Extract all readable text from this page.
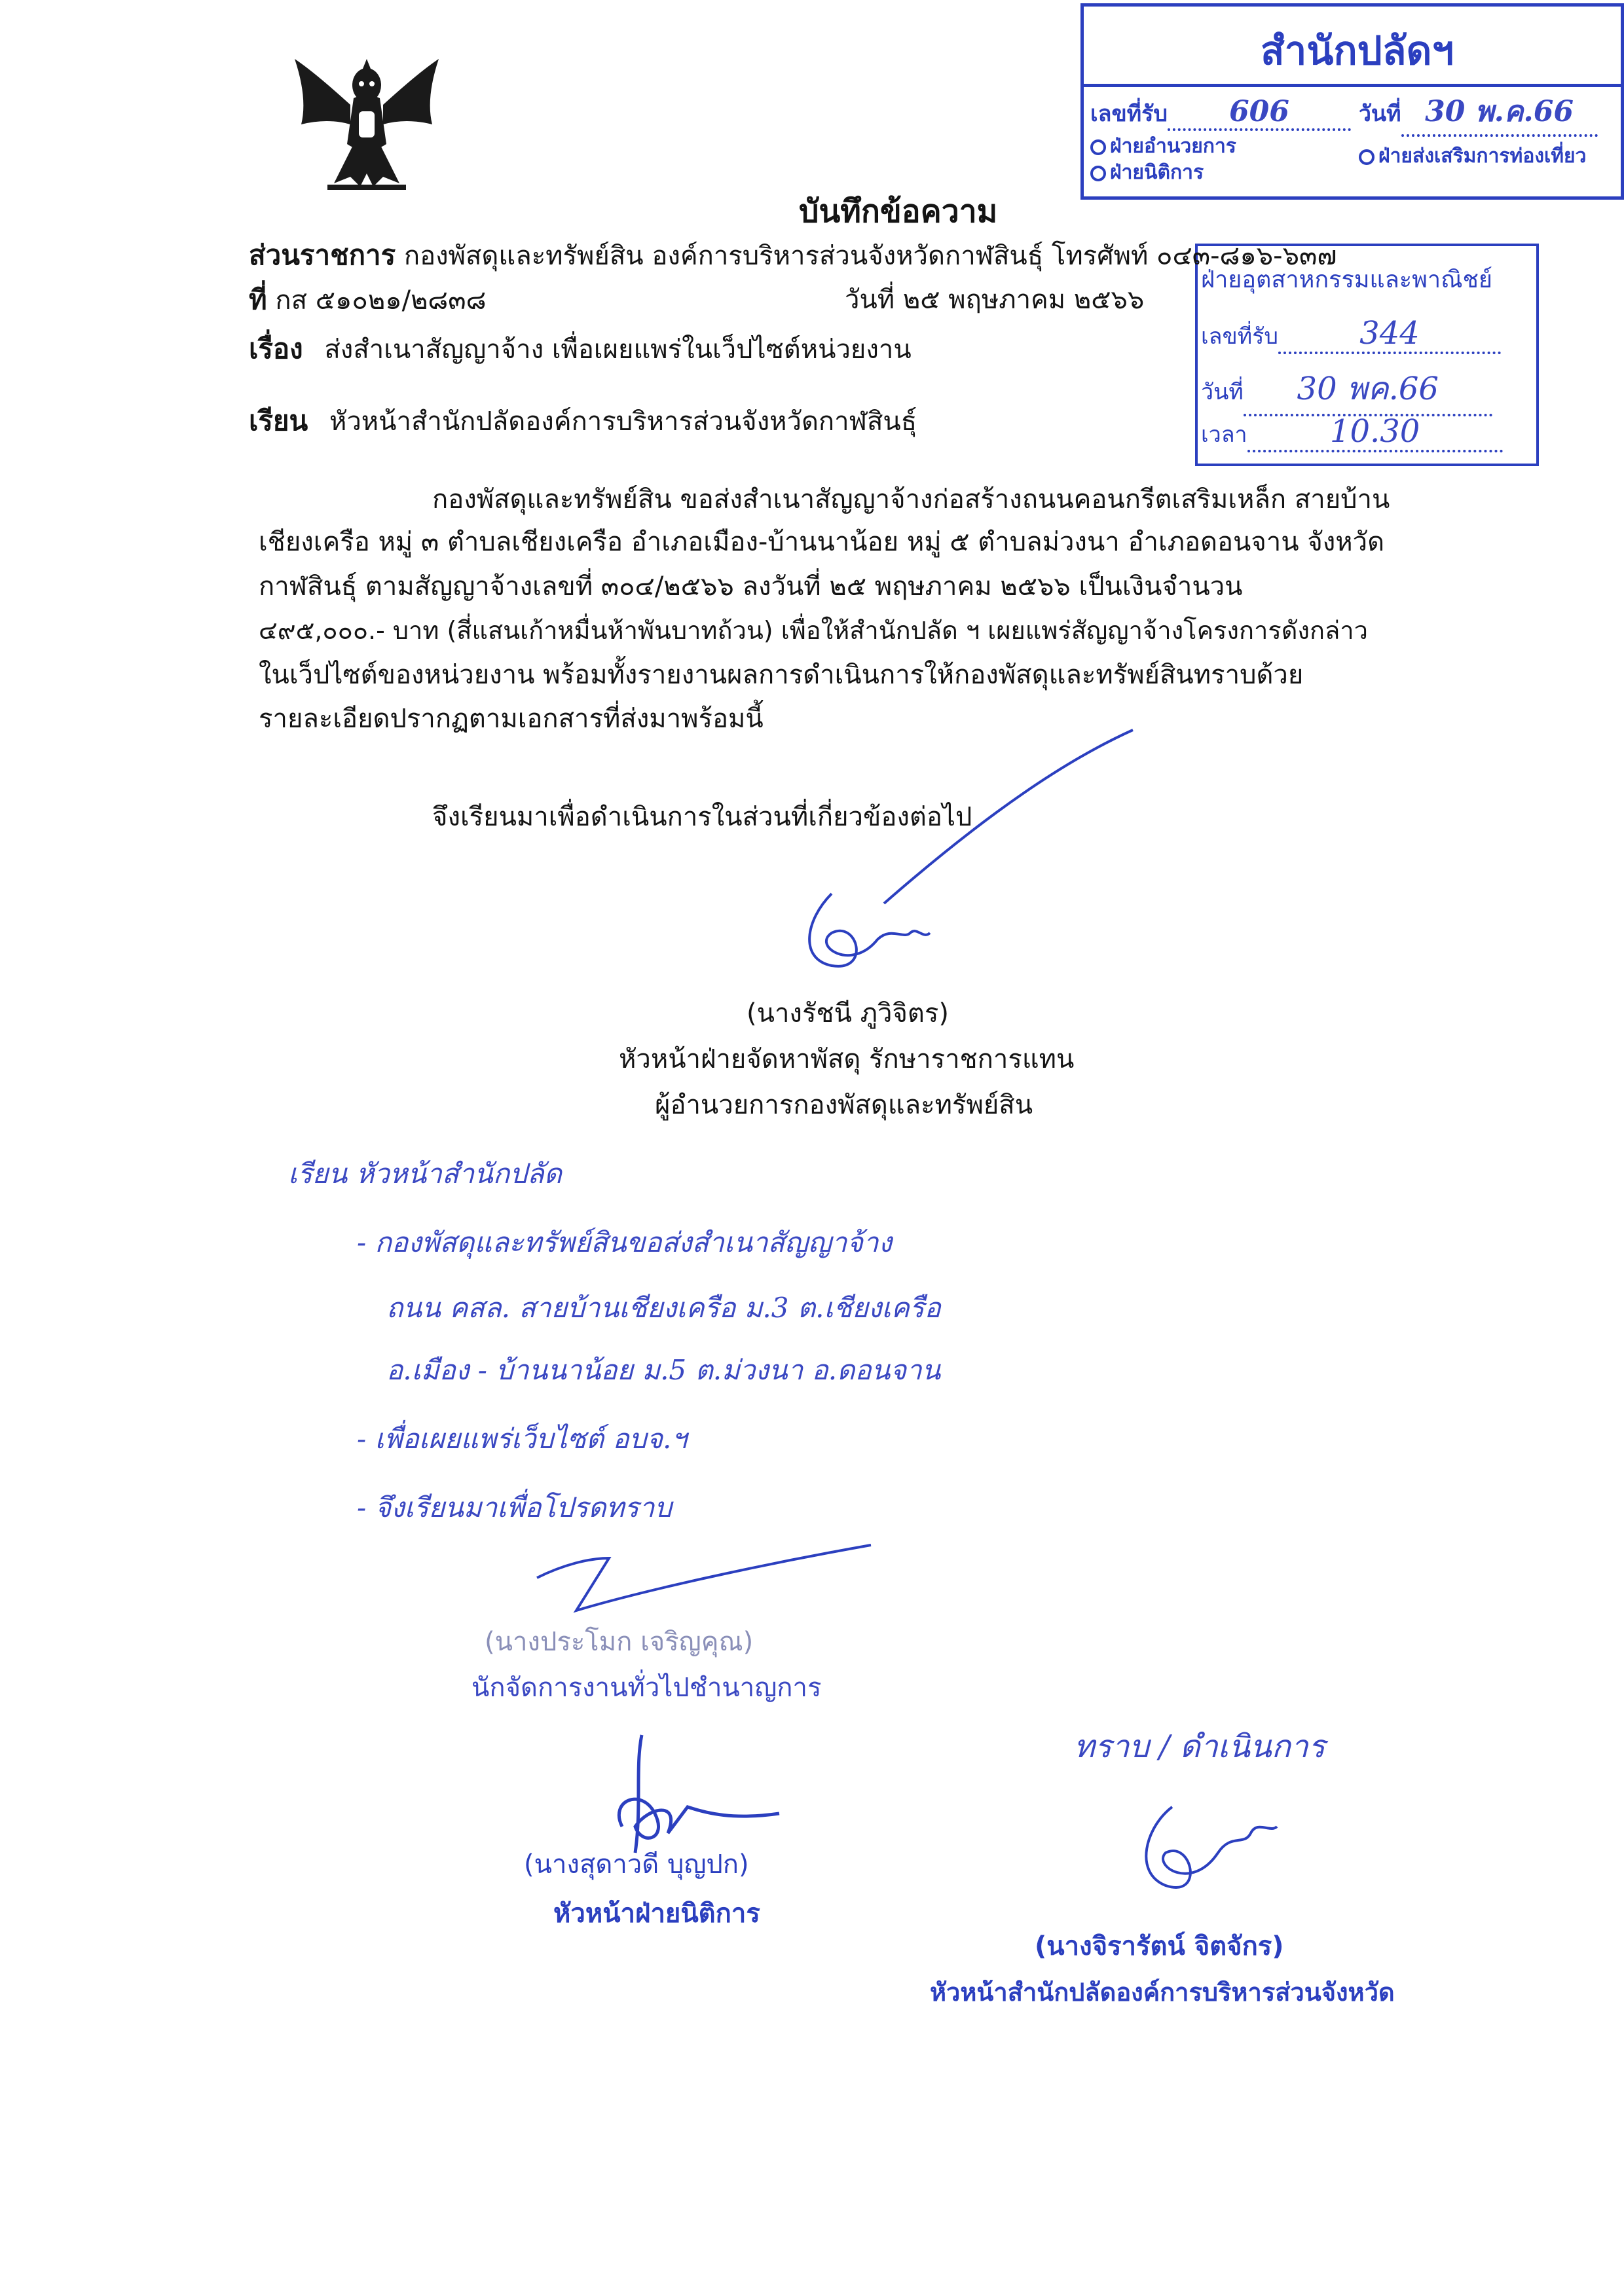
สำนักปลัดฯ
เลขที่รับ 606	วันที่ 30 พ.ค.66
ฝ่ายอำนวยการ
ฝ่ายนิติการ
ฝ่ายส่งเสริมการท่องเที่ยว
ฝ่ายอุตสาหกรรมและพาณิชย์
เลขที่รับ	344
วันที่ 30 พค.66
เวลา	10.30
บันทึกข้อความ
ส่วนราชการ กองพัสดุและทรัพย์สิน องค์การบริหารส่วนจังหวัดกาฬสินธุ์ โทรศัพท์ ๐๔๓-๘๑๖-๖๓๗
ที่ กส ๕๑๐๒๑/๒๘๓๘	วันที่ ๒๕ พฤษภาคม ๒๕๖๖
เรื่อง ส่งสำเนาสัญญาจ้าง เพื่อเผยแพร่ในเว็ปไซต์หน่วยงาน
เรียน หัวหน้าสำนักปลัดองค์การบริหารส่วนจังหวัดกาฬสินธุ์
กองพัสดุและทรัพย์สิน ขอส่งสำเนาสัญญาจ้างก่อสร้างถนนคอนกรีตเสริมเหล็ก สายบ้าน
เชียงเครือ หมู่ ๓ ตำบลเชียงเครือ อำเภอเมือง-บ้านนาน้อย หมู่ ๕ ตำบลม่วงนา อำเภอดอนจาน จังหวัด
กาฬสินธุ์ ตามสัญญาจ้างเลขที่ ๓๐๔/๒๕๖๖ ลงวันที่ ๒๕ พฤษภาคม ๒๕๖๖ เป็นเงินจำนวน
๔๙๕,๐๐๐.- บาท (สี่แสนเก้าหมื่นห้าพันบาทถ้วน) เพื่อให้สำนักปลัด ฯ เผยแพร่สัญญาจ้างโครงการดังกล่าว
ในเว็ปไซต์ของหน่วยงาน พร้อมทั้งรายงานผลการดำเนินการให้กองพัสดุและทรัพย์สินทราบด้วย
รายละเอียดปรากฏตามเอกสารที่ส่งมาพร้อมนี้
จึงเรียนมาเพื่อดำเนินการในส่วนที่เกี่ยวข้องต่อไป
(นางรัชนี ภูวิจิตร)
หัวหน้าฝ่ายจัดหาพัสดุ รักษาราชการแทน
ผู้อำนวยการกองพัสดุและทรัพย์สิน
เรียน หัวหน้าสำนักปลัด
- กองพัสดุและทรัพย์สินขอส่งสำเนาสัญญาจ้าง
ถนน คสล. สายบ้านเชียงเครือ ม.3 ต.เชียงเครือ
อ.เมือง - บ้านนาน้อย ม.5 ต.ม่วงนา อ.ดอนจาน
- เพื่อเผยแพร่เว็บไซต์ อบจ.ฯ
- จึงเรียนมาเพื่อโปรดทราบ
(นางประโมก เจริญคุณ)
นักจัดการงานทั่วไปชำนาญการ
(นางสุดาวดี บุญปก)
หัวหน้าฝ่ายนิติการ
ทราบ / ดำเนินการ
(นางจิรารัตน์ จิตจักร)
หัวหน้าสำนักปลัดองค์การบริหารส่วนจังหวัด
